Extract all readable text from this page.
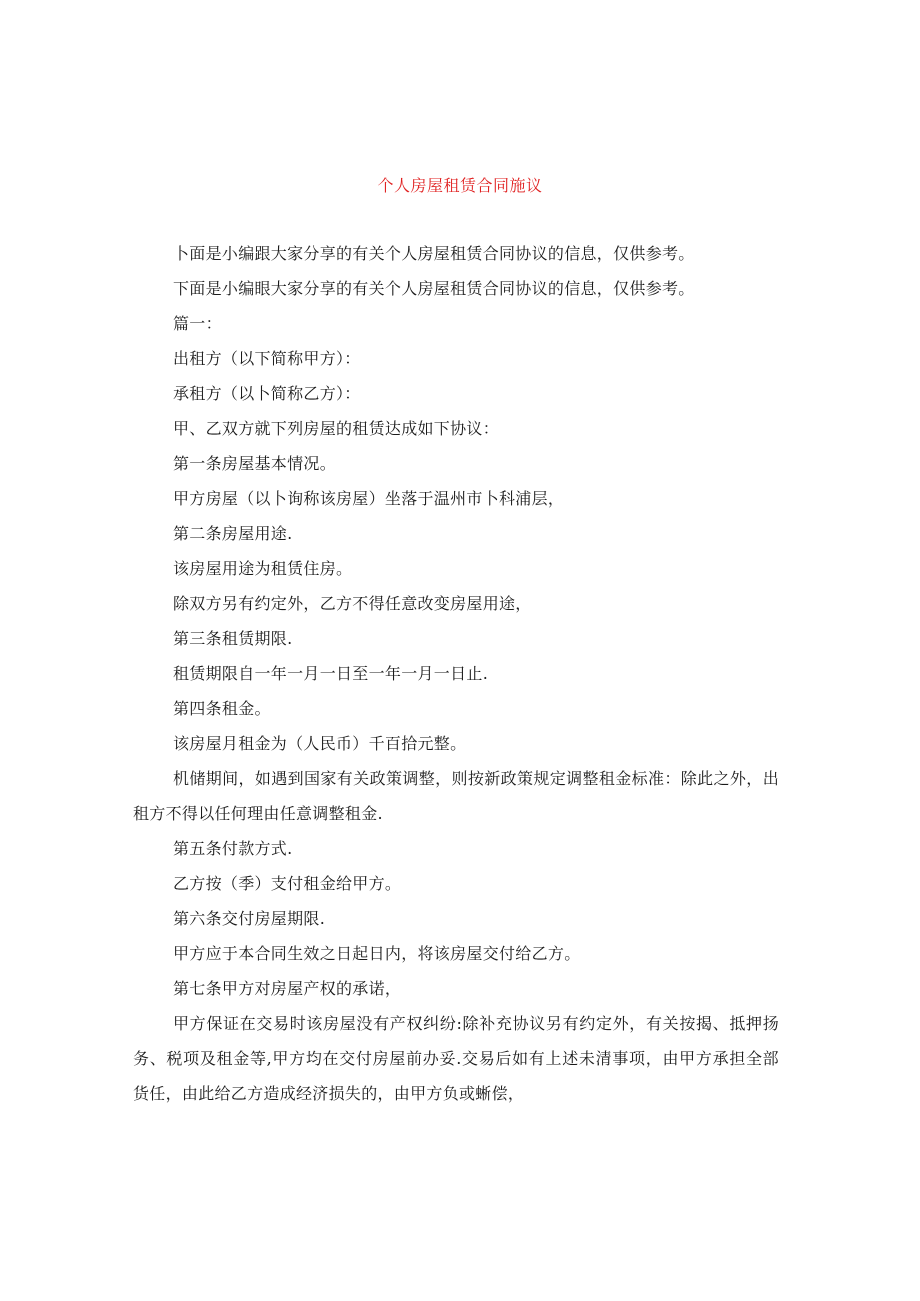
个人房屋租赁合同施议

卜面是小编跟大家分享的有关个人房屋租赁合同协议的信息，仅供参考。

下面是小编眼大家分享的有关个人房屋租赁合同协议的信息，仅供参考。

篇一：

出租方（以下简称甲方）：

承租方（以卜简称乙方）：

甲、乙双方就下列房屋的租赁达成如下协议：

第一条房屋基本情况。

甲方房屋（以卜询称该房屋）坐落于温州市卜科浦层，

第二条房屋用途.

该房屋用途为租赁住房。

除双方另有约定外，乙方不得任意改变房屋用途，

第三条租赁期限.

租赁期限自一年一月一日至一年一月一日止.

第四条租金。

该房屋月租金为（人民币）千百拾元整。

机储期间，如遇到国家有关政策调整，则按新政策规定调整租金标准：除此之外，出租方不得以任何理由任意调整租金.

第五条付款方式.

乙方按（季）支付租金给甲方。

第六条交付房屋期限.

甲方应于本合同生效之日起日内，将该房屋交付给乙方。

第七条甲方对房屋产权的承诺，

甲方保证在交易时该房屋没有产权纠纷:除补充协议另有约定外，有关按揭、抵押扬务、税项及租金等,甲方均在交付房屋前办妥.交易后如有上述未清事项，由甲方承担全部货任，由此给乙方造成经济损失的，由甲方负或蜥偿，
